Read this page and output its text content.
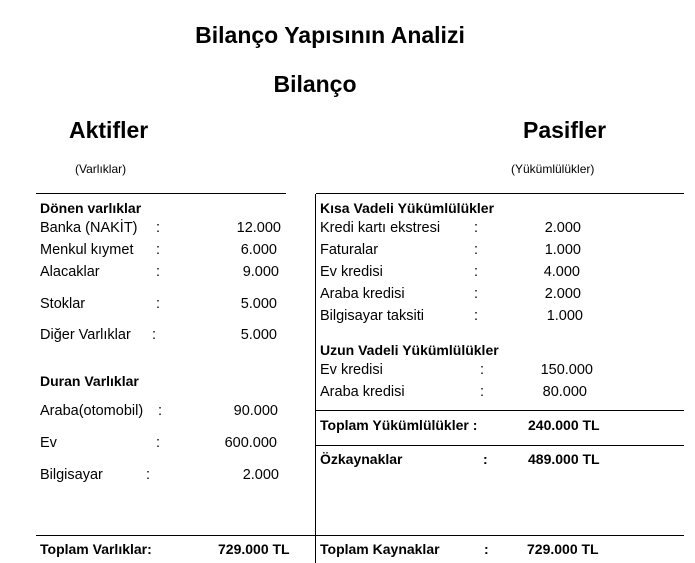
Bilanço Yapısının Analizi
Bilanço
Aktifler
(Varlıklar)
Pasifler
(Yükümlülükler)
Dönen varlıklar
Banka (NAKİT) :	12.000
Menkul kıymet :	6.000
Alacaklar	:	9.000
Stoklar	:	5.000
Diğer Varlıklar :	5.000
Duran Varlıklar
Araba(otomobil) :	90.000
Ev	:	600.000
Bilgisayar	:	2.000
Toplam Varlıklar:	729.000 TL
Kısa Vadeli Yükümlülükler
Kredi kartı ekstresi :	2.000
Faturalar	:	1.000
Ev kredisi	:	4.000
Araba kredisi	:	2.000
Bilgisayar taksiti	:	1.000
Uzun Vadeli Yükümlülükler
Ev kredisi	:	150.000
Araba kredisi	:	80.000
Toplam Yükümlülükler :	240.000 TL
Özkaynaklar	:	489.000 TL
Toplam Kaynaklar	:	729.000 TL
